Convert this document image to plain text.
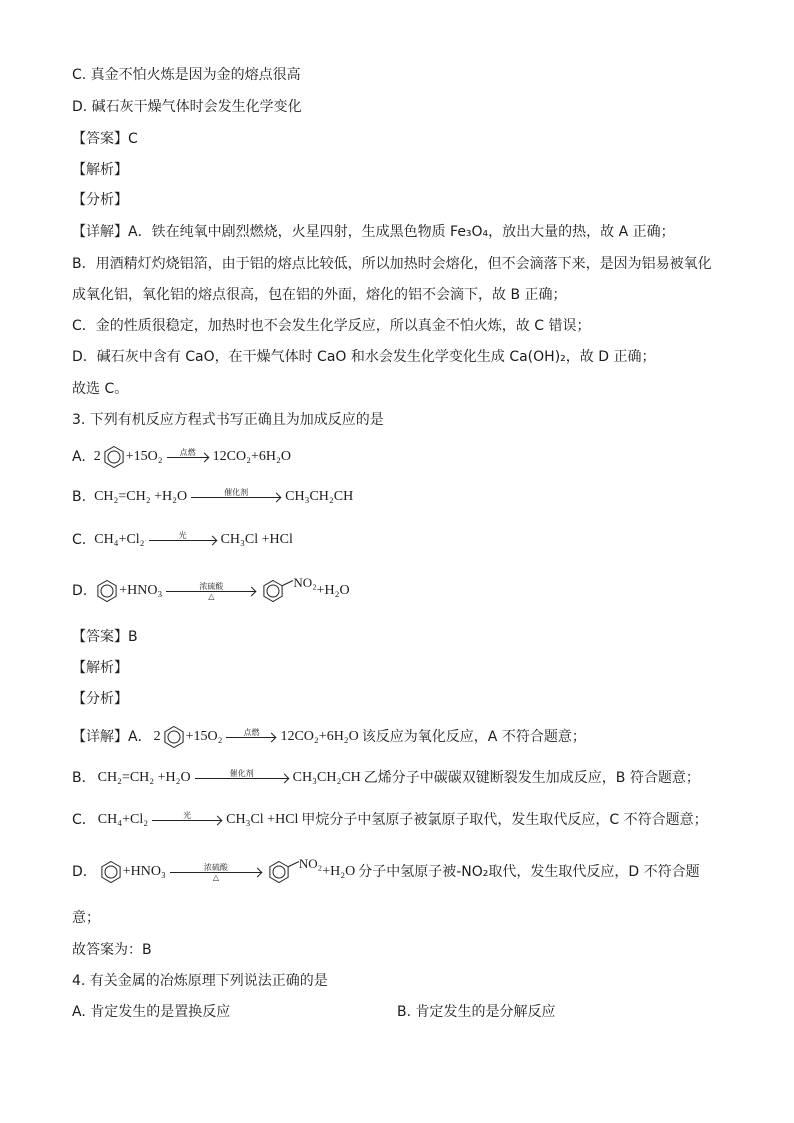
C. 真金不怕火炼是因为金的熔点很高
D. 碱石灰干燥气体时会发生化学变化
【答案】C
【解析】
【分析】
【详解】A．铁在纯氧中剧烈燃烧，火星四射，生成黑色物质 Fe₃O₄，放出大量的热，故 A 正确；
B．用酒精灯灼烧铝箔，由于铝的熔点比较低，所以加热时会熔化，但不会滴落下来，是因为铝易被氧化
成氧化铝，氧化铝的熔点很高，包在铝的外面，熔化的铝不会滴下，故 B 正确；
C．金的性质很稳定，加热时也不会发生化学反应，所以真金不怕火炼，故 C 错误；
D．碱石灰中含有 CaO，在干燥气体时 CaO 和水会发生化学变化生成 Ca(OH)₂，故 D 正确；
故选 C。
3. 下列有机反应方程式书写正确且为加成反应的是
A. 2 +15O₂ 点燃 12CO₂+6H₂O
B. CH₂=CH₂ +H₂O	催化剂	CH₃CH₂CH
C. CH₄+Cl₂	光 CH₃Cl +HCl
D. +HNO₃	浓硫酸
△
NO₂
+H₂O
【答案】B
【解析】
【分析】
【详解】 A． 2 +15O₂	点燃 12CO₂+6H₂O 该反应为氧化反应，A 不符合题意；
B． CH₂=CH₂ +H₂O	催化剂	CH₃CH₂CH 乙烯分子中碳碳双键断裂发生加成反应，B 符合题意；
C． CH₄+Cl₂	光	CH₃Cl +HCl 甲烷分子中氢原子被氯原子取代，发生取代反应，C 不符合题意；
D． +HNO₃	浓硫酸
△
NO₂
+H₂O 分子中氢原子被-NO₂取代，发生取代反应，D 不符合题
意；
故答案为：B
4. 有关金属的冶炼原理下列说法正确的是
A. 肯定发生的是置换反应	B. 肯定发生的是分解反应
